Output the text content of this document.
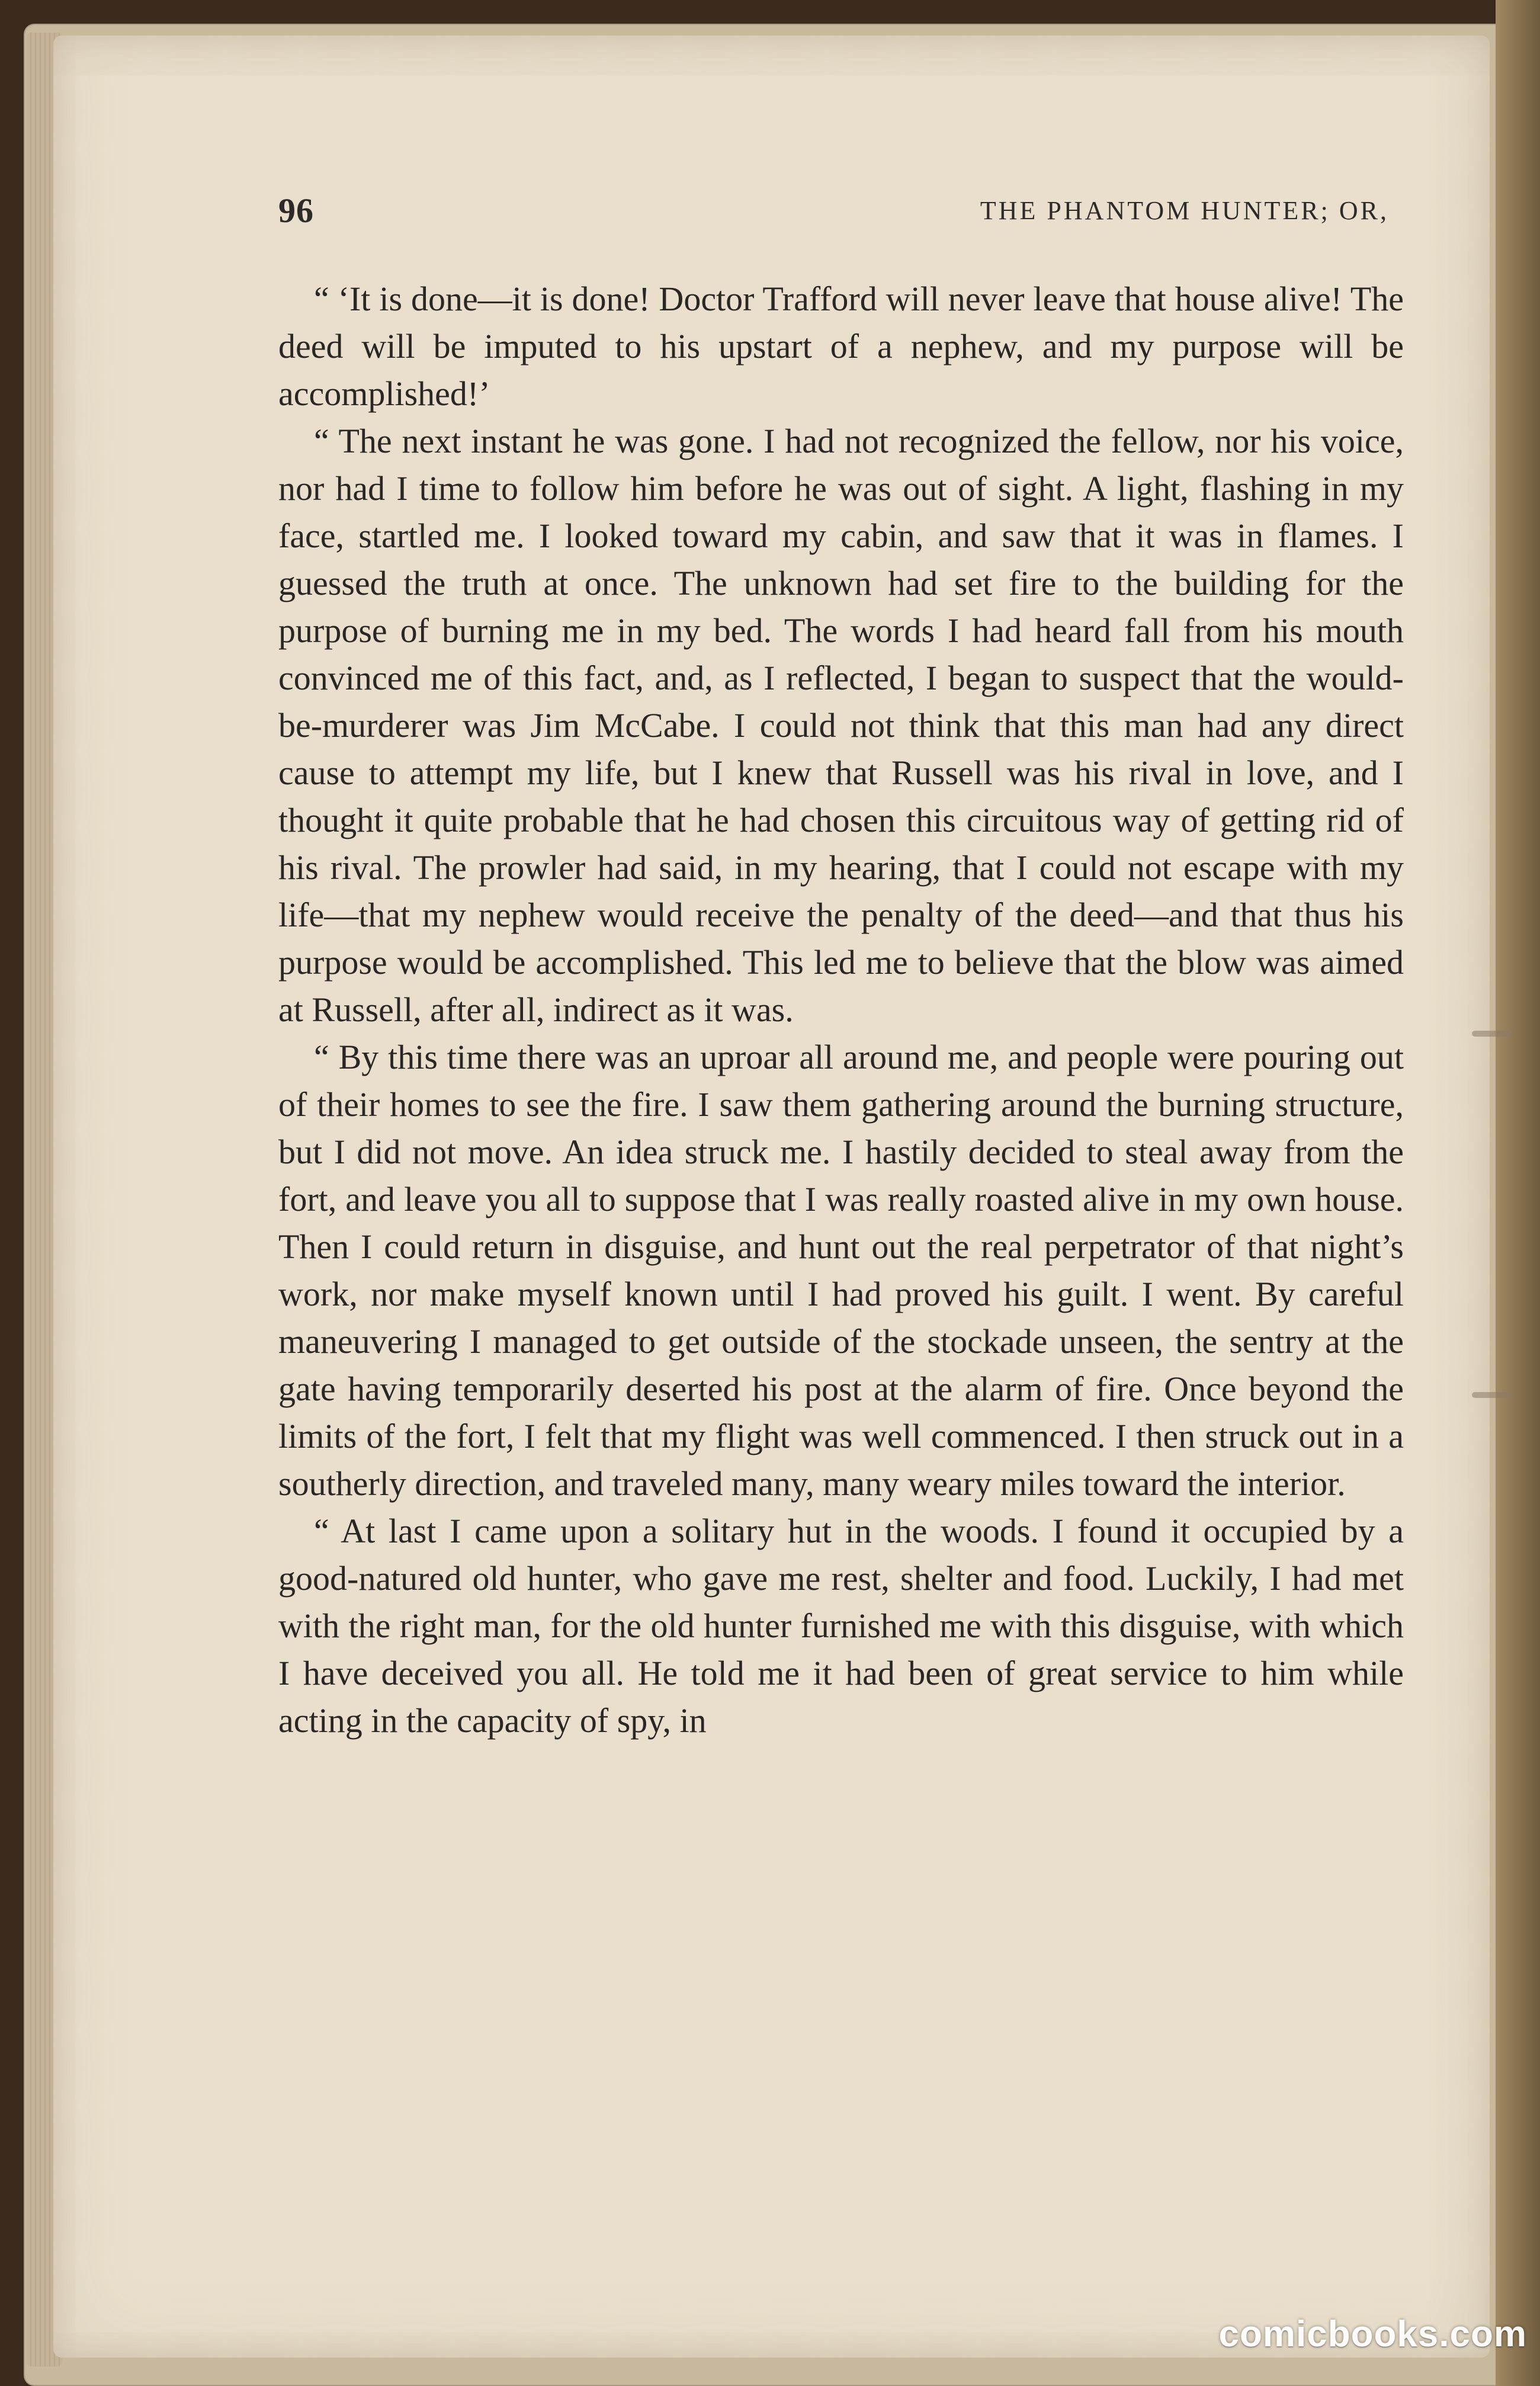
96	THE PHANTOM HUNTER; OR,

“ ‘It is done—it is done! Doctor Trafford will never leave that house alive! The deed will be imputed to his upstart of a nephew, and my purpose will be accomplished!’

“ The next instant he was gone. I had not recognized the fellow, nor his voice, nor had I time to follow him before he was out of sight. A light, flashing in my face, startled me. I looked toward my cabin, and saw that it was in flames. I guessed the truth at once. The unknown had set fire to the building for the purpose of burning me in my bed. The words I had heard fall from his mouth convinced me of this fact, and, as I reflected, I began to suspect that the would-be-murderer was Jim McCabe. I could not think that this man had any direct cause to attempt my life, but I knew that Russell was his rival in love, and I thought it quite probable that he had chosen this circuitous way of getting rid of his rival. The prowler had said, in my hearing, that I could not escape with my life—that my nephew would receive the penalty of the deed—and that thus his purpose would be accomplished. This led me to believe that the blow was aimed at Russell, after all, indirect as it was.

“ By this time there was an uproar all around me, and people were pouring out of their homes to see the fire. I saw them gathering around the burning structure, but I did not move. An idea struck me. I hastily decided to steal away from the fort, and leave you all to suppose that I was really roasted alive in my own house. Then I could return in disguise, and hunt out the real perpetrator of that night’s work, nor make myself known until I had proved his guilt. I went. By careful maneuvering I managed to get outside of the stockade unseen, the sentry at the gate having temporarily deserted his post at the alarm of fire. Once beyond the limits of the fort, I felt that my flight was well commenced. I then struck out in a southerly direction, and traveled many, many weary miles toward the interior.

“ At last I came upon a solitary hut in the woods. I found it occupied by a good-natured old hunter, who gave me rest, shelter and food. Luckily, I had met with the right man, for the old hunter furnished me with this disguise, with which I have deceived you all. He told me it had been of great service to him while acting in the capacity of spy, in

comicbooks.com
